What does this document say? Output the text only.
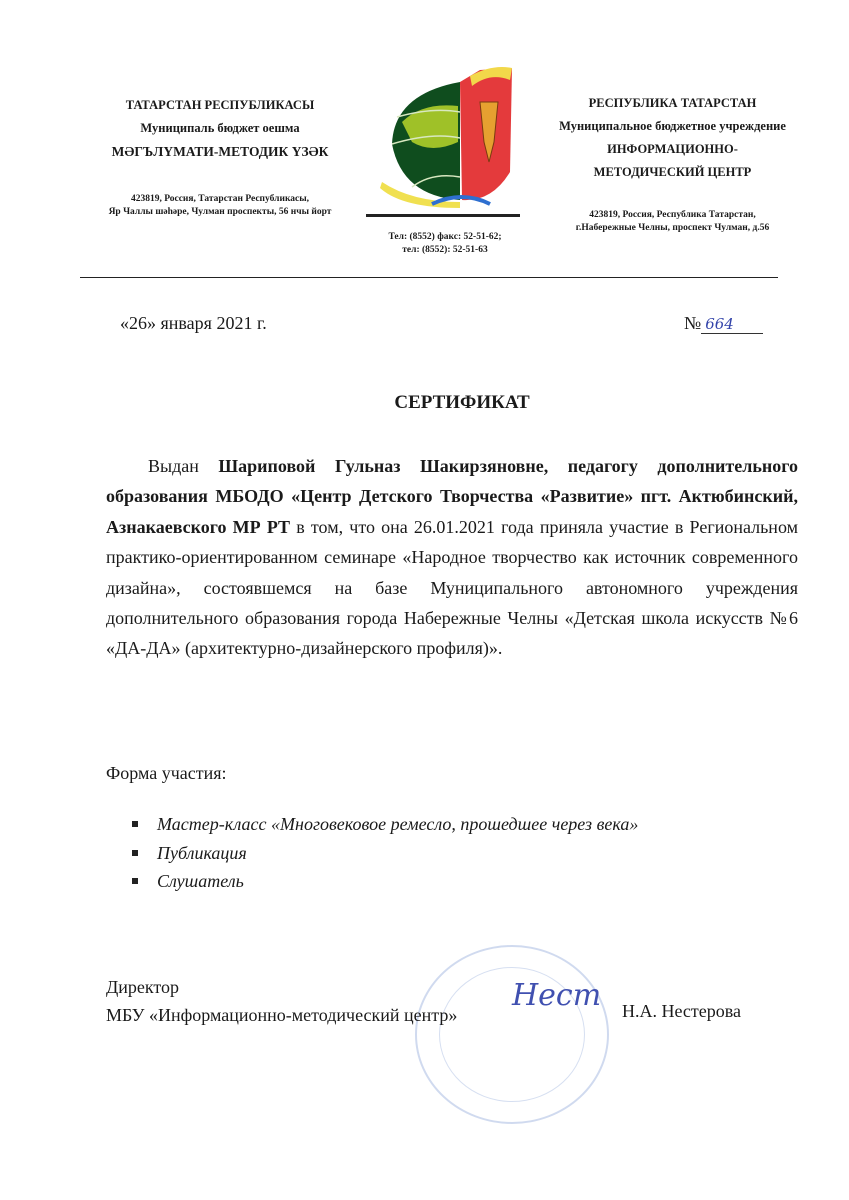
ТАТАРСТАН РЕСПУБЛИКАСЫ
Муниципаль бюджет оешма
МӘГЪЛҮМАТИ-МЕТОДИК ҮЗӘК
423819, Россия, Татарстан Республикасы,
Яр Чаллы шәһәре, Чулман проспекты, 56 нчы йорт
Тел: (8552) факс: 52-51-62;
тел: (8552): 52-51-63
РЕСПУБЛИКА ТАТАРСТАН
Муниципальное бюджетное учреждение
ИНФОРМАЦИОННО-
МЕТОДИЧЕСКИЙ ЦЕНТР
423819, Россия, Республика Татарстан,
г.Набережные Челны, проспект Чулман, д.56
«26» января 2021 г.	№ 664
СЕРТИФИКАТ

Выдан Шариповой Гульназ Шакирзяновне, педагогу дополнительного образования МБОДО «Центр Детского Творчества «Развитие» пгт. Актюбинский, Азнакаевского МР РТ в том, что она 26.01.2021 года приняла участие в Региональном практико-ориентированном семинаре «Народное творчество как источник современного дизайна», состоявшемся на базе Муниципального автономного учреждения дополнительного образования города Набережные Челны «Детская школа искусств №6 «ДА-ДА» (архитектурно-дизайнерского профиля)».

Форма участия:
Мастер-класс «Многовековое ремесло, прошедшее через века»
Публикация
Слушатель
Директор
МБУ «Информационно-методический центр»
Нест Н.А. Нестерова
